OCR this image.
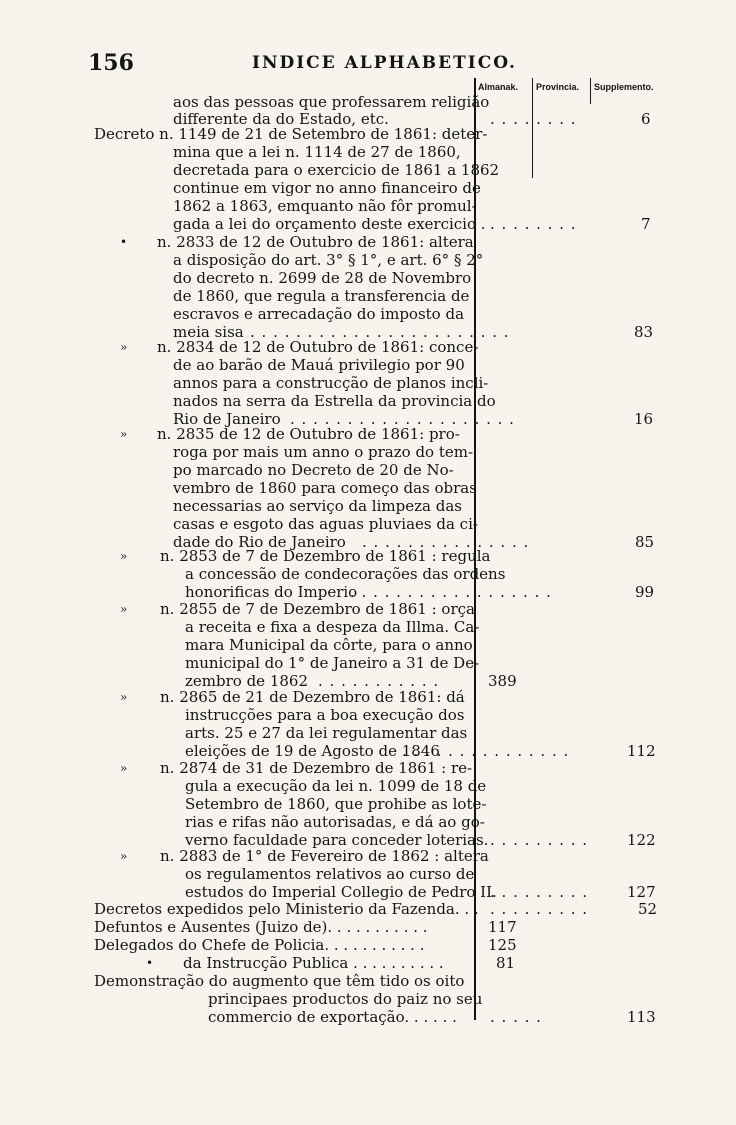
156	INDICE ALPHABETICO.
Almanak. Provincia. Supplemento.
aos das pessoas que professarem religião
differente da do Estado, etc.	. . . . . . . .	6
Decreto n. 1149 de 21 de Setembro de 1861: deter-
mina que a lei n. 1114 de 27 de 1860,
decretada para o exercicio de 1861 a 1862
continue em vigor no anno financeiro de
1862 a 1863, emquanto não fôr promul-
gada a lei do orçamento deste exercicio . . . . . . . . .	7
• n. 2833 de 12 de Outubro de 1861: altera
a disposição do art. 3° § 1°, e art. 6° § 2°
do decreto n. 2699 de 28 de Novembro
de 1860, que regula a transferencia de
escravos e arrecadação do imposto da
meia sisa . . . . . . . . . . . . . . . . . . . . . . .	83
» n. 2834 de 12 de Outubro de 1861: conce-
de ao barão de Mauá privilegio por 90
annos para a construcção de planos incli-
nados na serra da Estrella da provincia do
Rio de Janeiro . . . . . . . . . . . . . . . . . . . .	16
» n. 2835 de 12 de Outubro de 1861: pro-
roga por mais um anno o prazo do tem-
po marcado no Decreto de 20 de No-
vembro de 1860 para começo das obras
necessarias ao serviço da limpeza das
casas e esgoto das aguas pluviaes da ci-
dade do Rio de Janeiro . . . . . . . . . . . . . . .	85
» n. 2853 de 7 de Dezembro de 1861 : regula
a concessão de condecorações das ordens
honorificas do Imperio
. . . . . . . . . . . . . . . . . .	99
» n. 2855 de 7 de Dezembro de 1861 : orça
a receita e fixa a despeza da Illma. Ca-
mara Municipal da côrte, para o anno
municipal do 1° de Janeiro a 31 de De-
zembro de 1862 . . . . . . . . . . .	389
» n. 2865 de 21 de Dezembro de 1861: dá
instrucções para a boa execução dos
arts. 25 e 27 da lei regulamentar das
eleições de 19 de Agosto de 1846
. . . . . . . . . . . . . . .	112
» n. 2874 de 31 de Dezembro de 1861 : re-
gula a execução da lei n. 1099 de 18 de
Setembro de 1860, que prohibe as lote-
rias e rifas não autorisadas, e dá ao go-
verno faculdade para conceder loterias. . . . . . . . . .	122
» n. 2883 de 1° de Fevereiro de 1862 : altera
os regulamentos relativos ao curso de
estudos do Imperial Collegio de Pedro II.
. . . . . . . . .	127
Decretos expedidos pelo Ministerio da Fazenda. . . . . . . . . . . .	52
Defuntos e Ausentes (Juizo de). . . . . . . . . . .	117
Delegados do Chefe de Policia. . . . . . . . . . .	125
• da Instrucção Publica . . . . . . . . . .	81
Demonstração do augmento que têm tido os oito
principaes productos do paiz no seu
commercio de exportação. . . . . . . . . . .	113
